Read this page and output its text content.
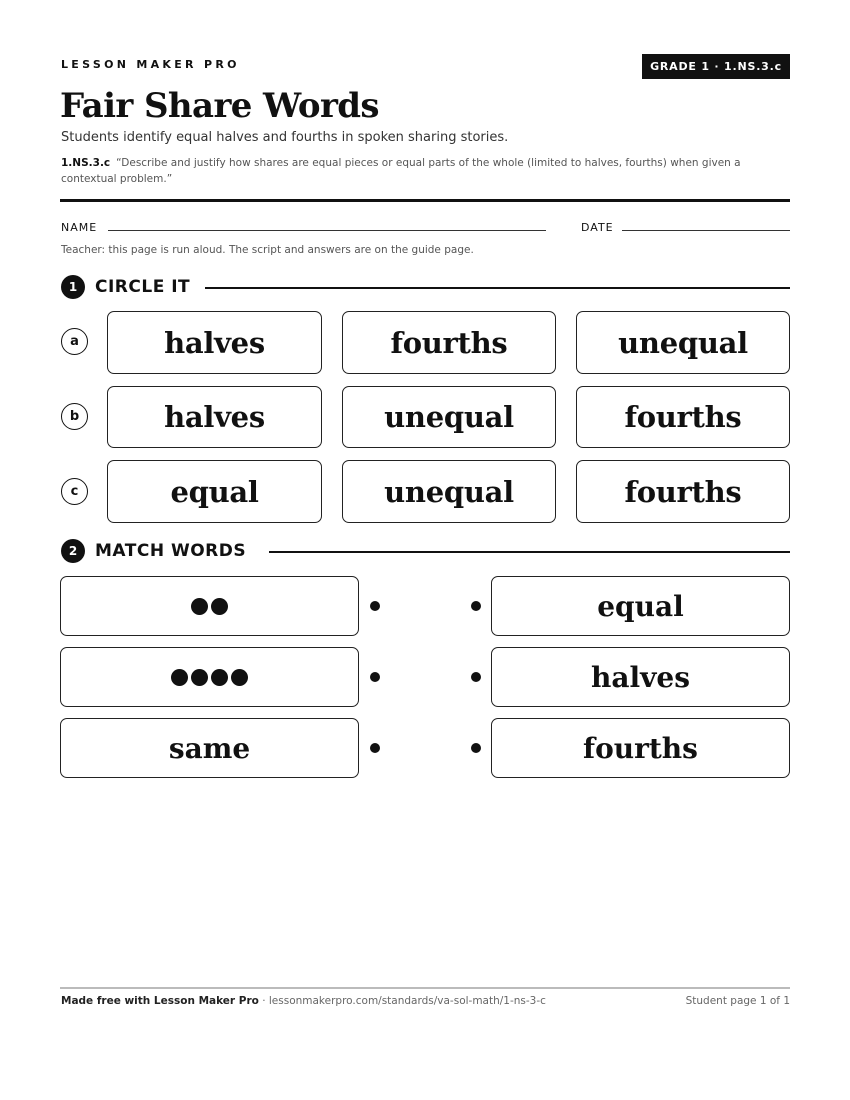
LESSON MAKER PRO	GRADE 1 · 1.NS.3.c
Fair Share Words
Students identify equal halves and fourths in spoken sharing stories.
1.NS.3.c “Describe and justify how shares are equal pieces or equal parts of the whole (limited to halves, fourths) when given a contextual problem.”
NAME	DATE
Teacher: this page is run aloud. The script and answers are on the guide page.
1	CIRCLE IT
a	halves	fourths	unequal
b	halves	unequal	fourths
c	equal	unequal	fourths
2	MATCH WORDS
same
equal
halves
fourths
Made free with Lesson Maker Pro · lessonmakerpro.com/standards/va-sol-math/1-ns-3-c	Student page 1 of 1
